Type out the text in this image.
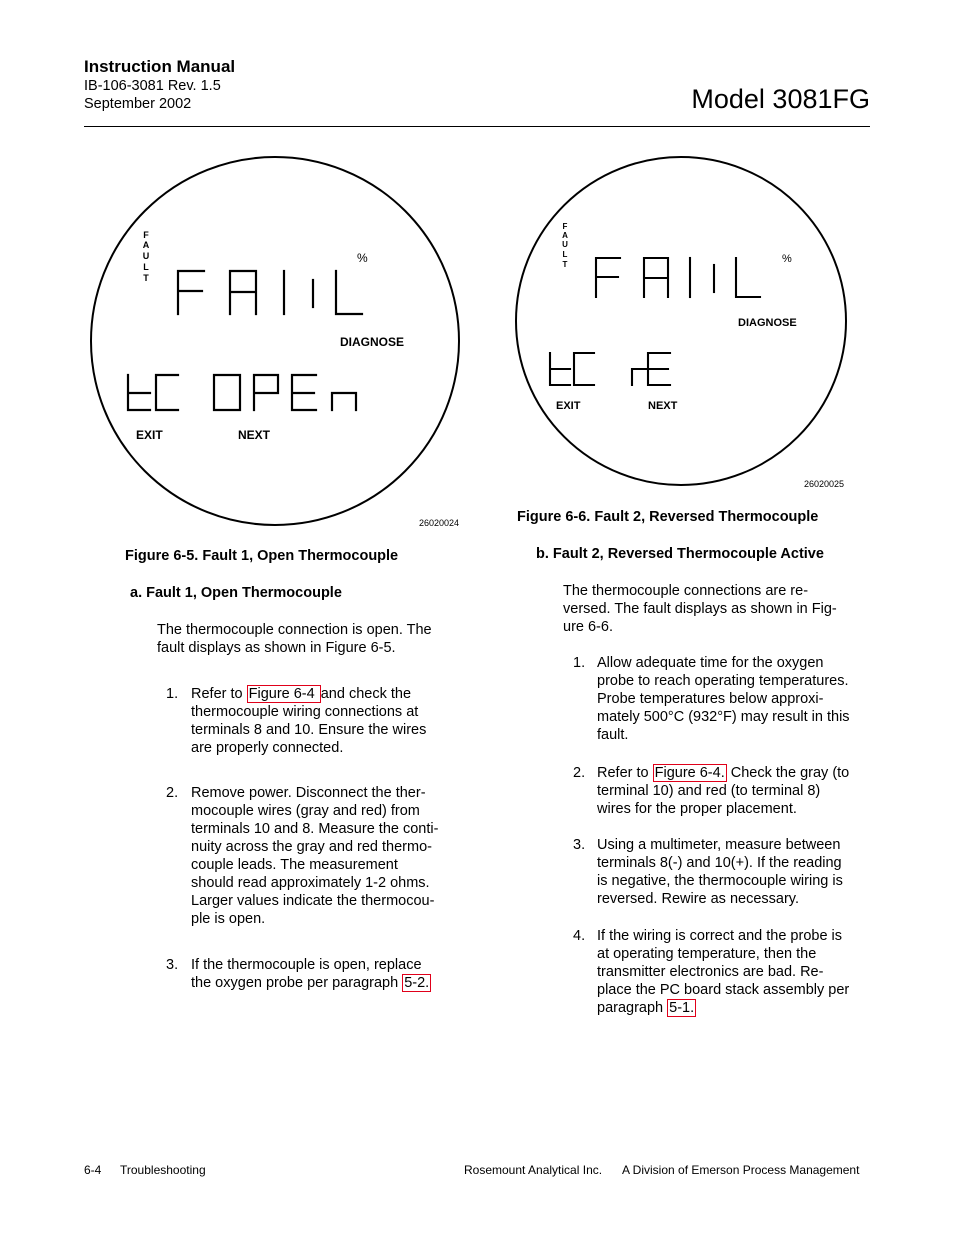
Instruction Manual
IB-106-3081 Rev. 1.5
September 2002	Model 3081FG
F
A
U
L
T
%
DIAGNOSE
EXIT	NEXT
26020024
Figure 6-5. Fault 1, Open Thermocouple
F
A
U
L
T	%
DIAGNOSE
EXIT	NEXT
26020025
Figure 6-6. Fault 2, Reversed Thermocouple
a. Fault 1, Open Thermocouple
The thermocouple connection is open. The
fault displays as shown in Figure 6-5.
1. Refer to Figure 6-4 and check the
thermocouple wiring connections at
terminals 8 and 10. Ensure the wires
are properly connected.
2. Remove power. Disconnect the ther-
mocouple wires (gray and red) from
terminals 10 and 8. Measure the conti-
nuity across the gray and red thermo-
couple leads. The measurement
should read approximately 1-2 ohms.
Larger values indicate the thermocou-
ple is open.
3. If the thermocouple is open, replace
the oxygen probe per paragraph 5-2.
b. Fault 2, Reversed Thermocouple Active
The thermocouple connections are re-
versed. The fault displays as shown in Fig-
ure 6-6.
1. Allow adequate time for the oxygen
probe to reach operating temperatures.
Probe temperatures below approxi-
mately 500°C (932°F) may result in this
fault.
2. Refer to Figure 6-4. Check the gray (to
terminal 10) and red (to terminal 8)
wires for the proper placement.
3. Using a multimeter, measure between
terminals 8(-) and 10(+). If the reading
is negative, the thermocouple wiring is
reversed. Rewire as necessary.
4. If the wiring is correct and the probe is
at operating temperature, then the
transmitter electronics are bad. Re-
place the PC board stack assembly per
paragraph 5-1.
6-4 Troubleshooting	Rosemount Analytical Inc. A Division of Emerson Process Management
